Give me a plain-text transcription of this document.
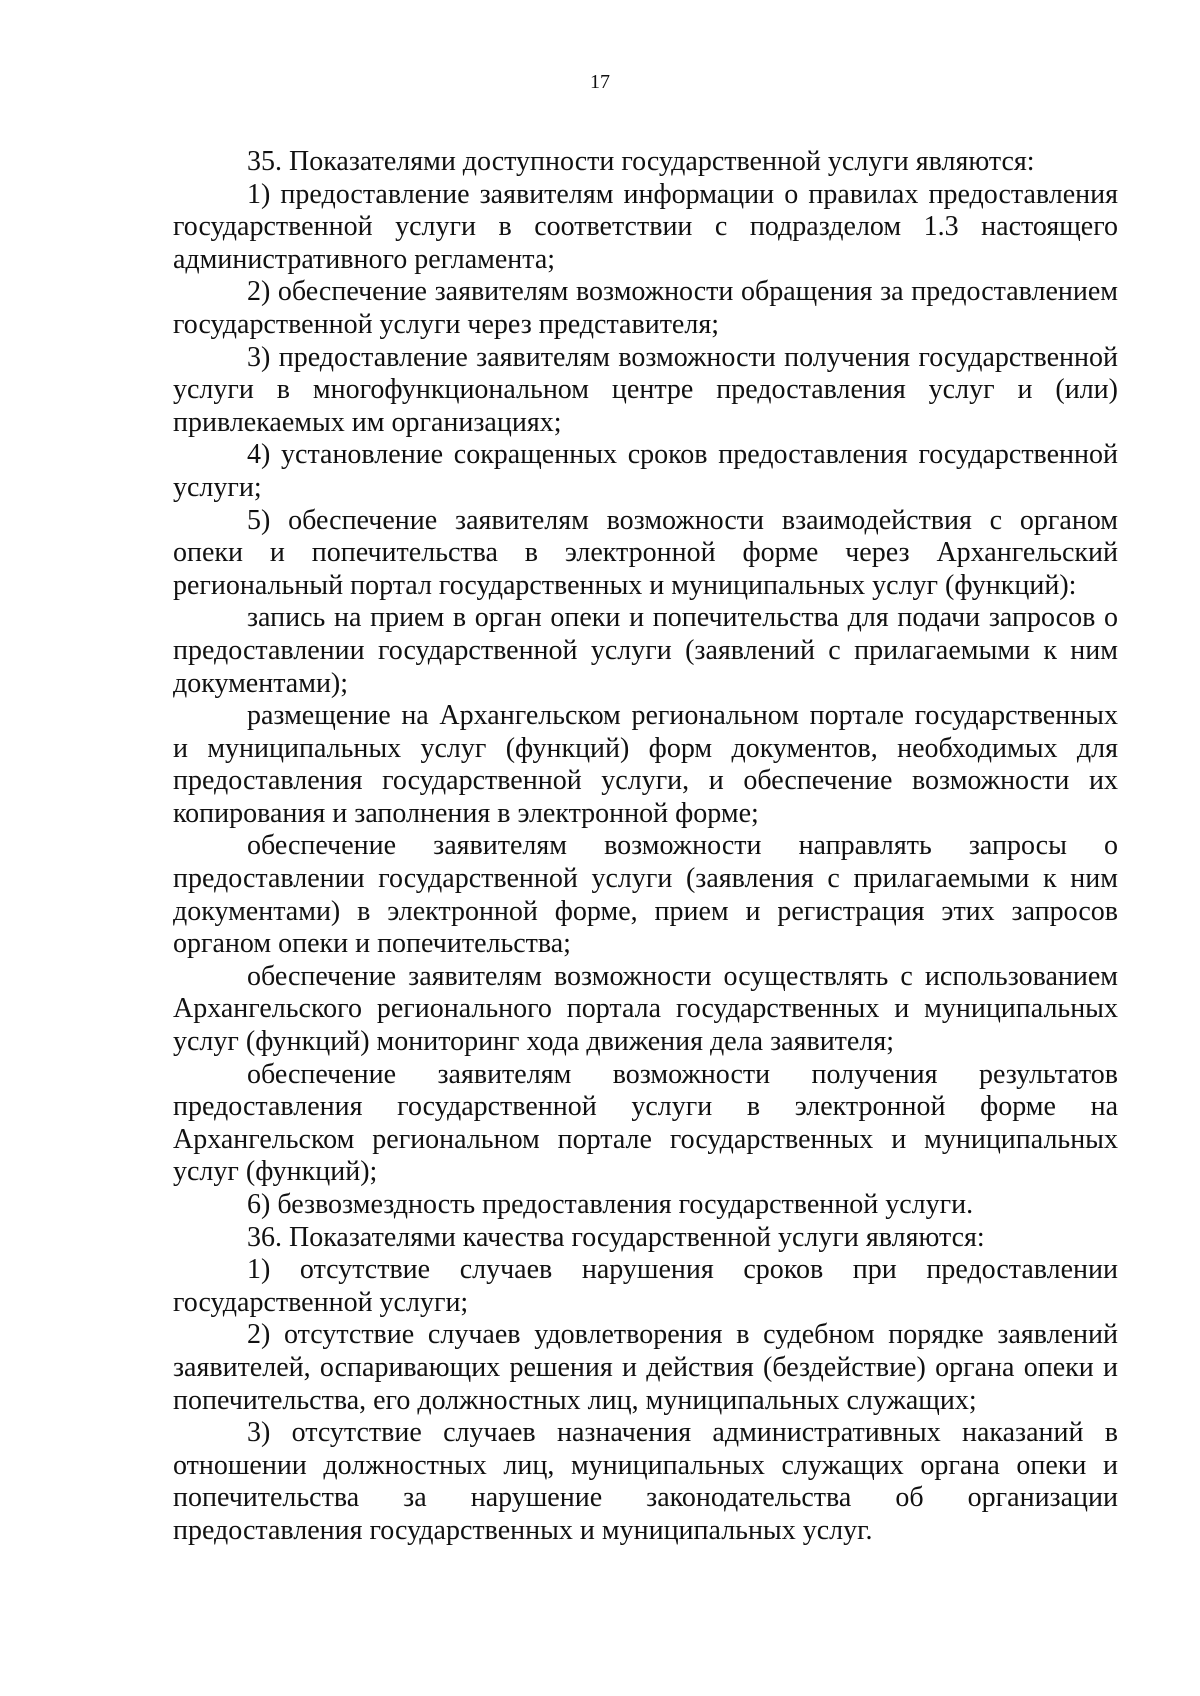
17

35. Показателями доступности государственной услуги являются:

1) предоставление заявителям информации о правилах предоставления государственной услуги в соответствии с подразделом 1.3 настоящего административного регламента;

2) обеспечение заявителям возможности обращения за предоставлением государственной услуги через представителя;

3) предоставление заявителям возможности получения государственной услуги в многофункциональном центре предоставления услуг и (или) привлекаемых им организациях;

4) установление сокращенных сроков предоставления государственной услуги;

5) обеспечение заявителям возможности взаимодействия с органом опеки и попечительства в электронной форме через Архангельский региональный портал государственных и муниципальных услуг (функций):

запись на прием в орган опеки и попечительства для подачи запросов о предоставлении государственной услуги (заявлений с прилагаемыми к ним документами);

размещение на Архангельском региональном портале государственных и муниципальных услуг (функций) форм документов, необходимых для предоставления государственной услуги, и обеспечение возможности их копирования и заполнения в электронной форме;

обеспечение заявителям возможности направлять запросы о предоставлении государственной услуги (заявления с прилагаемыми к ним документами) в электронной форме, прием и регистрация этих запросов органом опеки и попечительства;

обеспечение заявителям возможности осуществлять с использованием Архангельского регионального портала государственных и муниципальных услуг (функций) мониторинг хода движения дела заявителя;

обеспечение заявителям возможности получения результатов предоставления государственной услуги в электронной форме на Архангельском региональном портале государственных и муниципальных услуг (функций);

6) безвозмездность предоставления государственной услуги.

36. Показателями качества государственной услуги являются:

1) отсутствие случаев нарушения сроков при предоставлении государственной услуги;

2) отсутствие случаев удовлетворения в судебном порядке заявлений заявителей, оспаривающих решения и действия (бездействие) органа опеки и попечительства, его должностных лиц, муниципальных служащих;

3) отсутствие случаев назначения административных наказаний в отношении должностных лиц, муниципальных служащих органа опеки и попечительства за нарушение законодательства об организации предоставления государственных и муниципальных услуг.
